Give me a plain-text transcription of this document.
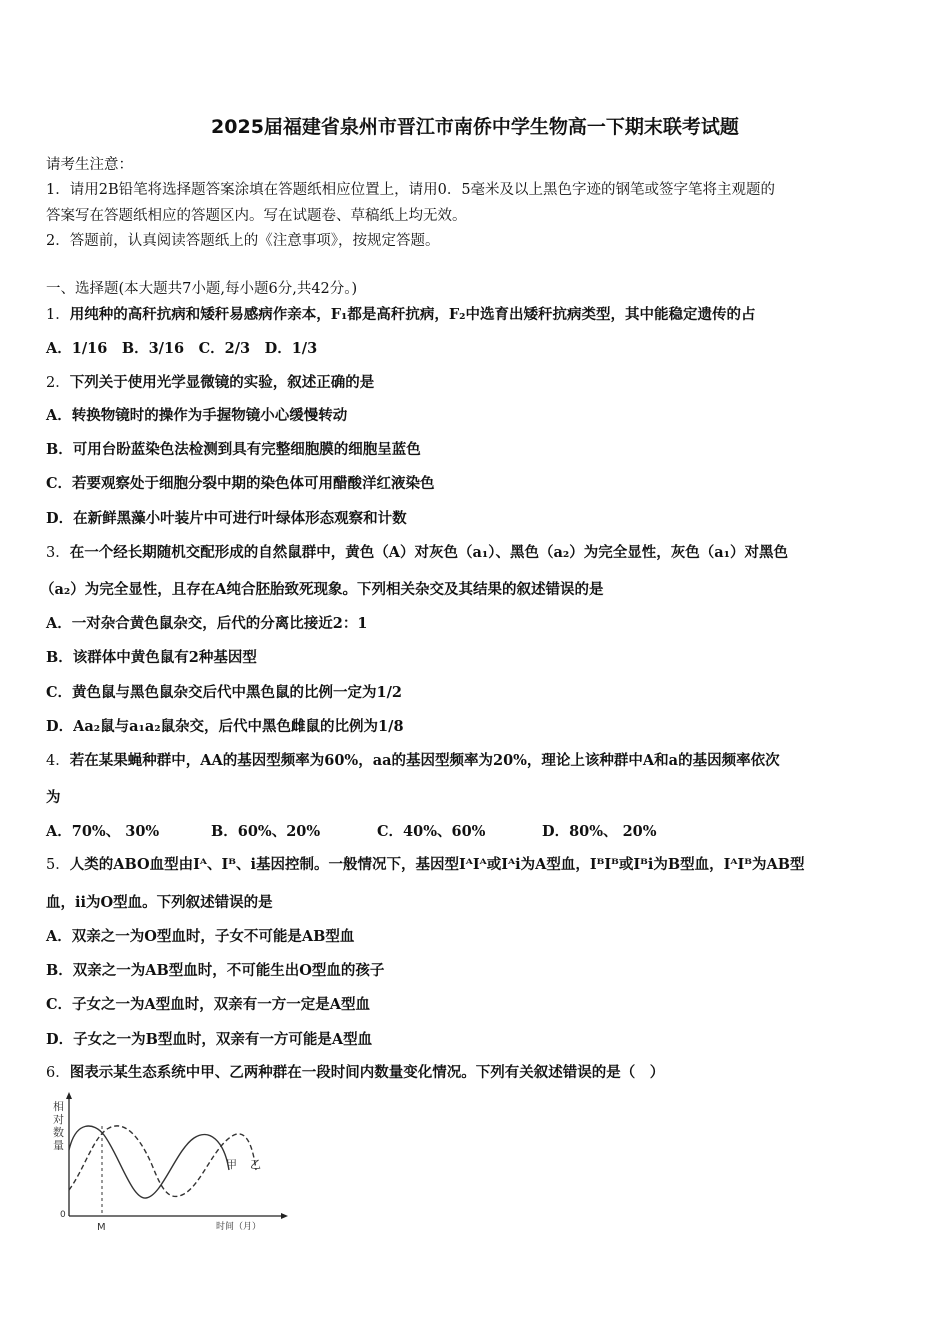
2025届福建省泉州市晋江市南侨中学生物高一下期末联考试题
请考生注意：
1．请用2B铅笔将选择题答案涂填在答题纸相应位置上，请用0．5毫米及以上黑色字迹的钢笔或签字笔将主观题的
答案写在答题纸相应的答题区内。写在试题卷、草稿纸上均无效。
2．答题前，认真阅读答题纸上的《注意事项》，按规定答题。
一、选择题(本大题共7小题,每小题6分,共42分。)
1．用纯种的高秆抗病和矮秆易感病作亲本，F₁都是高秆抗病，F₂中选育出矮秆抗病类型，其中能稳定遗传的占
A．1/16　B．3/16　C．2/3　D．1/3
2．下列关于使用光学显微镜的实验，叙述正确的是
A．转换物镜时的操作为手握物镜小心缓慢转动
B．可用台盼蓝染色法检测到具有完整细胞膜的细胞呈蓝色
C．若要观察处于细胞分裂中期的染色体可用醋酸洋红液染色
D．在新鲜黑藻小叶装片中可进行叶绿体形态观察和计数
3．在一个经长期随机交配形成的自然鼠群中，黄色（A）对灰色（a₁）、黑色（a₂）为完全显性，灰色（a₁）对黑色
（a₂）为完全显性，且存在A纯合胚胎致死现象。下列相关杂交及其结果的叙述错误的是
A．一对杂合黄色鼠杂交，后代的分离比接近2：1
B．该群体中黄色鼠有2种基因型
C．黄色鼠与黑色鼠杂交后代中黑色鼠的比例一定为1/2
D．Aa₂鼠与a₁a₂鼠杂交，后代中黑色雌鼠的比例为1/8
4．若在某果蝇种群中，AA的基因型频率为60%，aa的基因型频率为20%，理论上该种群中A和a的基因频率依次
为
A．70%、 30%	B．60%、20%	C．40%、60%	D．80%、 20%
5．人类的ABO血型由Iᴬ、Iᴮ、i基因控制。一般情况下，基因型IᴬIᴬ或Iᴬi为A型血，IᴮIᴮ或Iᴮi为B型血，IᴬIᴮ为AB型
血，ii为O型血。下列叙述错误的是
A．双亲之一为O型血时，子女不可能是AB型血
B．双亲之一为AB型血时，不可能生出O型血的孩子
C．子女之一为A型血时，双亲有一方一定是A型血
D．子女之一为B型血时，双亲有一方可能是A型血
6．图表示某生态系统中甲、乙两种群在一段时间内数量变化情况。下列有关叙述错误的是（　）
相
对
数
量
0
M	时间（月）
甲 乙
